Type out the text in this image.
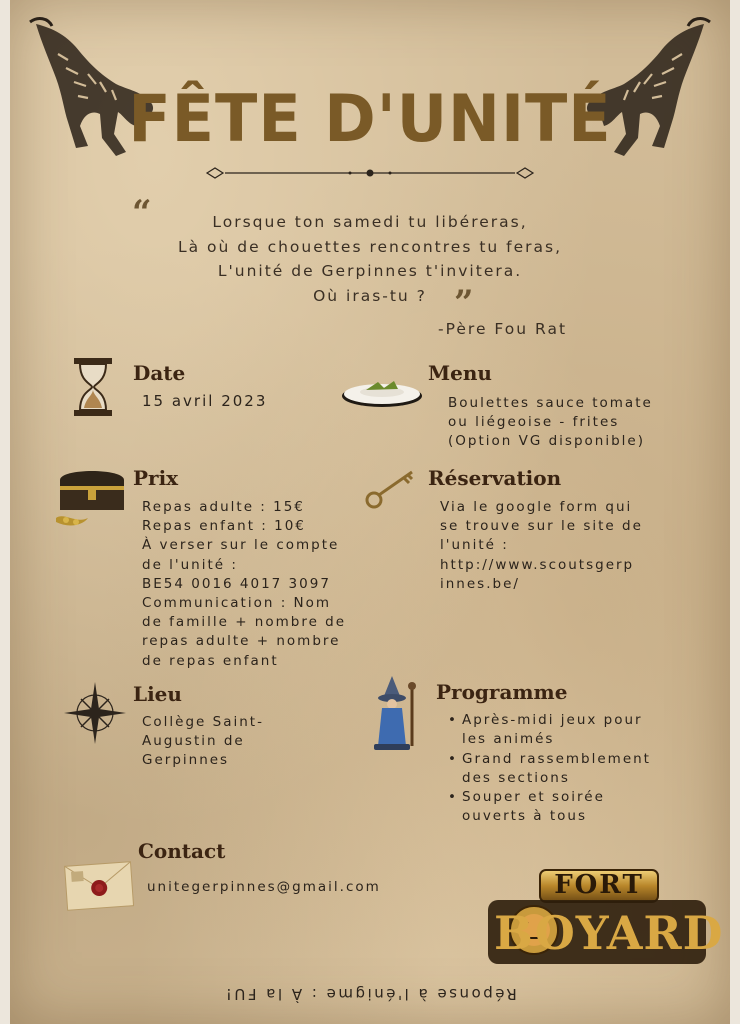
FÊTE D'UNITÉ
“	Lorsque ton samedi tu libéreras,
Là où de chouettes rencontres tu feras,
L'unité de Gerpinnes t'invitera.
Où iras-tu ? ”
-Père Fou Rat
Date
15 avril 2023
Menu

Boulettes sauce tomate

ou liégeoise - frites

(Option VG disponible)

Prix

Repas adulte : 15€

Repas enfant : 10€

À verser sur le compte

de l'unité :

BE54 0016 4017 3097

Communication : Nom

de famille + nombre de

repas adulte + nombre

de repas enfant

Réservation

Via le google form qui

se trouve sur le site de

l'unité :

http://www.scoutsgerp

innes.be/

Lieu

Collège Saint-

Augustin de

Gerpinnes

Programme
• Après-midi jeux pour les animés
• Grand rassemblement des sections
• Souper et soirée ouverts à tous
Contact
unitegerpinnes@gmail.com	FORT
BOYARD
Réponse à l'énigme : À la FU!
